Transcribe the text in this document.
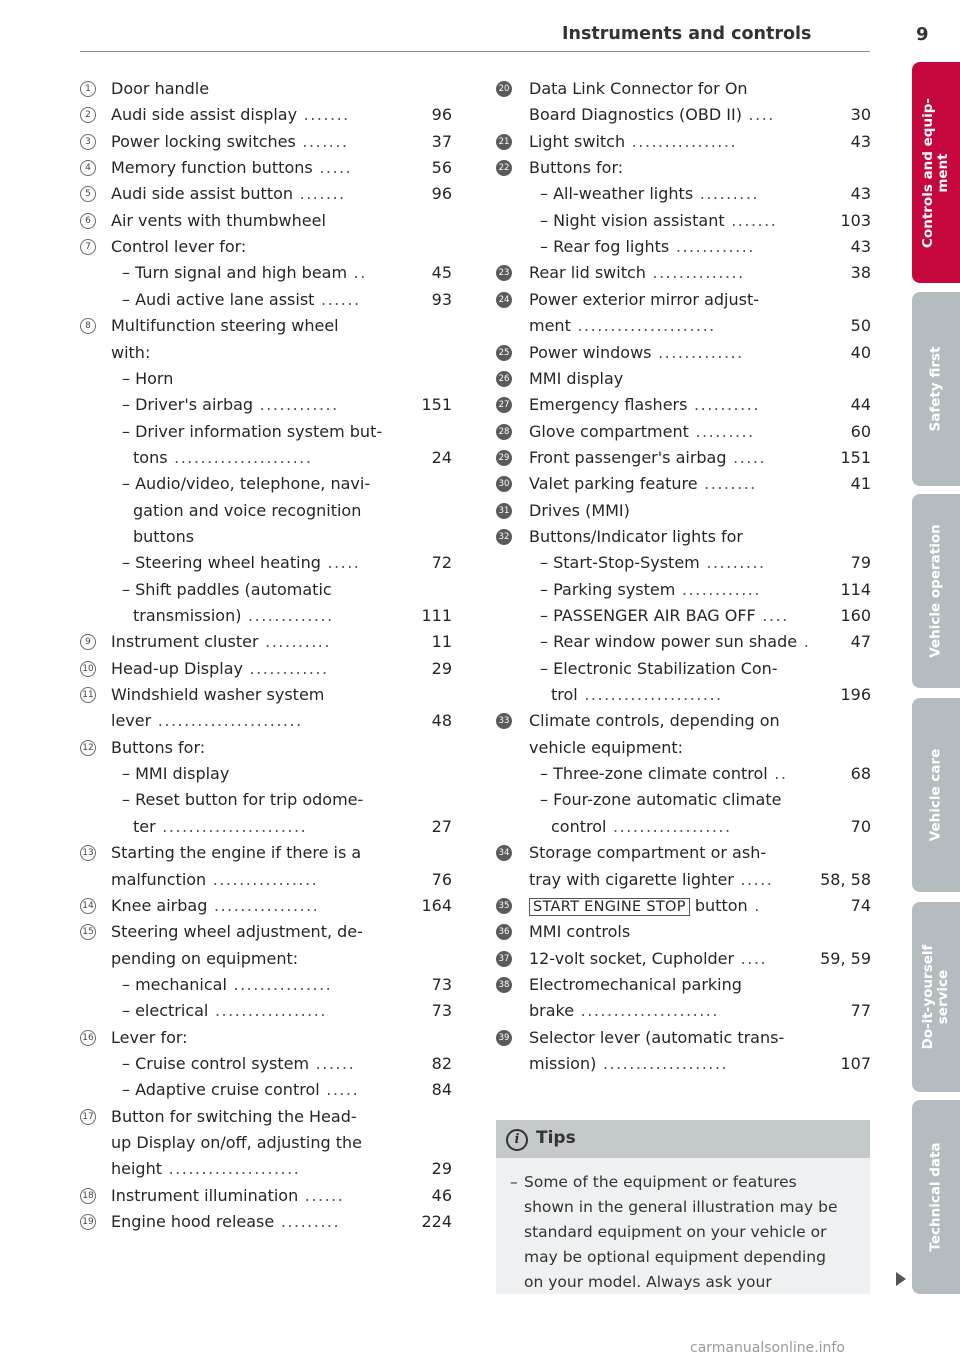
Instruments and controls	9
1	Door handle
2	Audi side assist display .......	96
3	Power locking switches .......	37
4	Memory function buttons .....	56
5	Audi side assist button .......	96
6	Air vents with thumbwheel
7	Control lever for:
– Turn signal and high beam ..	45
– Audi active lane assist ......	93
8	Multifunction steering wheel
with:
– Horn
– Driver's airbag ............	151
– Driver information system but-
tons .....................	24
– Audio/video, telephone, navi-
gation and voice recognition
buttons
– Steering wheel heating .....	72
– Shift paddles (automatic
transmission) .............	111
9	Instrument cluster ..........	11
10 Head-up Display ............	29
11 Windshield washer system
lever ......................	48
12 Buttons for:
– MMI display
– Reset button for trip odome-
ter ......................	27
13 Starting the engine if there is a
malfunction ................	76
14 Knee airbag ................	164
15 Steering wheel adjustment, de-
pending on equipment:
– mechanical ...............	73
– electrical .................	73
16 Lever for:
– Cruise control system ......	82
– Adaptive cruise control .....	84
17 Button for switching the Head-
up Display on/off, adjusting the
height ....................	29
18 Instrument illumination ......	46
19 Engine hood release .........	224
20 Data Link Connector for On
Board Diagnostics (OBD II) ....	30
21 Light switch ................	43
22 Buttons for:
– All-weather lights .........	43
– Night vision assistant .......	103
– Rear fog lights ............	43
23 Rear lid switch ..............	38
24 Power exterior mirror adjust-
ment .....................	50
25 Power windows .............	40
26 MMI display
27 Emergency flashers ..........	44
28 Glove compartment .........	60
29 Front passenger's airbag .....	151
30 Valet parking feature ........	41
31 Drives (MMI)
32 Buttons/Indicator lights for
– Start-Stop-System .........	79
– Parking system ............	114
– PASSENGER AIR BAG OFF ....	160
– Rear window power sun shade .	47
– Electronic Stabilization Con-
trol .....................	196
33 Climate controls, depending on
vehicle equipment:
– Three-zone climate control ..	68
– Four-zone automatic climate
control ..................	70
34 Storage compartment or ash-
tray with cigarette lighter .....	58, 58
35 START ENGINE STOP button .	74
36 MMI controls
37 12-volt socket, Cupholder ....	59, 59
38 Electromechanical parking
brake .....................	77
39 Selector lever (automatic trans-
mission) ...................	107
i Tips
– Some of the equipment or features
shown in the general illustration may be
standard equipment on your vehicle or
may be optional equipment depending
on your model. Always ask your
Controls and equip-
ment
Safety first
Vehicle operation
Vehicle care
Do-it-yourself
service
Technical data
carmanualsonline.info
